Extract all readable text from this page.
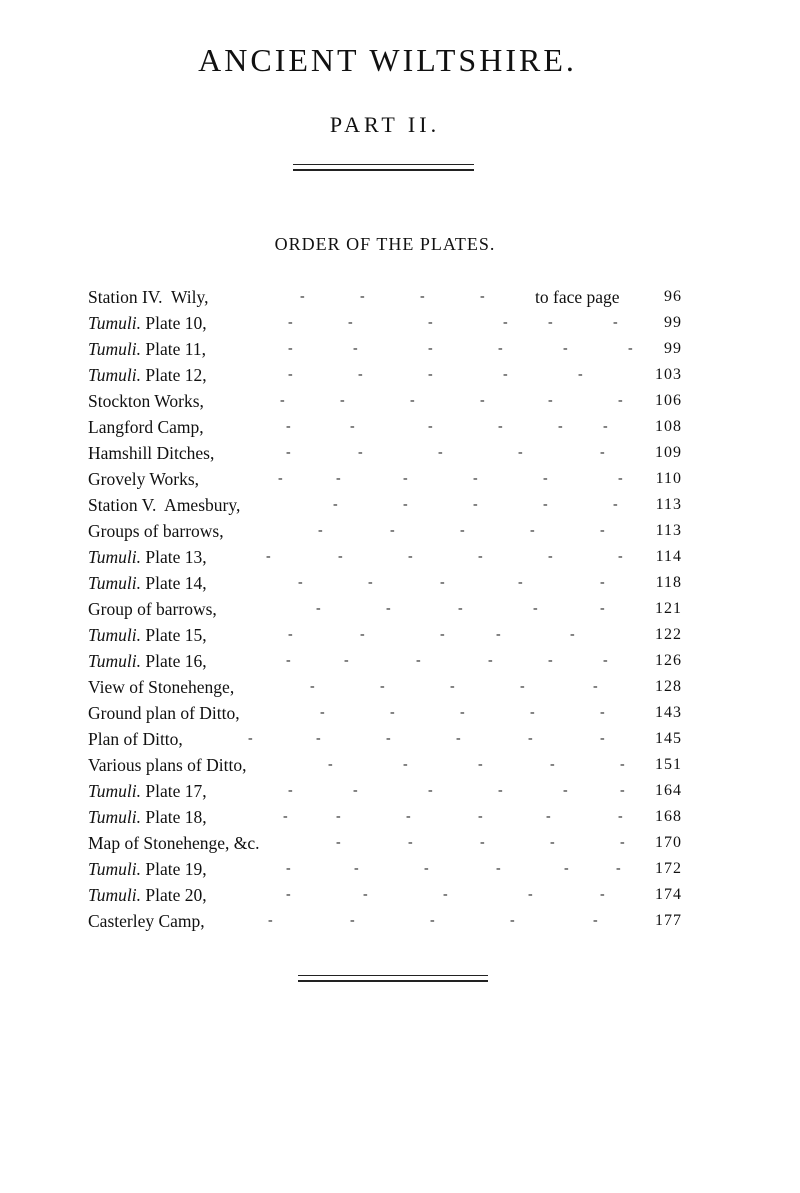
ANCIENT WILTSHIRE.
PART II.
ORDER OF THE PLATES.
Station IV.  Wily,	-	-	-	-	to face page	96
Tumuli. Plate 10,	-	-	-	-	-	-	99
Tumuli. Plate 11,	-	-	-	-	-	- 99
Tumuli. Plate 12,	-	-	-	-	-	103
Stockton Works,	-	-	-	-	-	- 106
Langford Camp,	-	-	-	-	-	-	108
Hamshill Ditches,	-	-	-	-	-	109
Grovely Works,	-	-	-	-	-	- 110
Station V.  Amesbury,	-	-	-	-	- 113
Groups of barrows,	-	-	-	-	-	113
Tumuli. Plate 13,	-	-	-	-	-	- 114
Tumuli. Plate 14,	-	-	-	-	-	118
Group of barrows,	-	-	-	-	-	121
Tumuli. Plate 15,	-	-	-	-	-	122
Tumuli. Plate 16,	-	-	-	-	-	-	126
View of Stonehenge,	-	-	-	-	-	128
Ground plan of Ditto,	-	-	-	-	-	143
Plan of Ditto,	-	-	-	-	-	-	145
Various plans of Ditto,	-	-	-	-	- 151
Tumuli. Plate 17,	-	-	-	-	-	- 164
Tumuli. Plate 18,	-	-	-	-	-	- 168
Map of Stonehenge, &c.	-	-	-	-	- 170
Tumuli. Plate 19,	-	-	-	-	-	- 172
Tumuli. Plate 20,	-	-	-	-	-	174
Casterley Camp,	-	-	-	-	-	177
